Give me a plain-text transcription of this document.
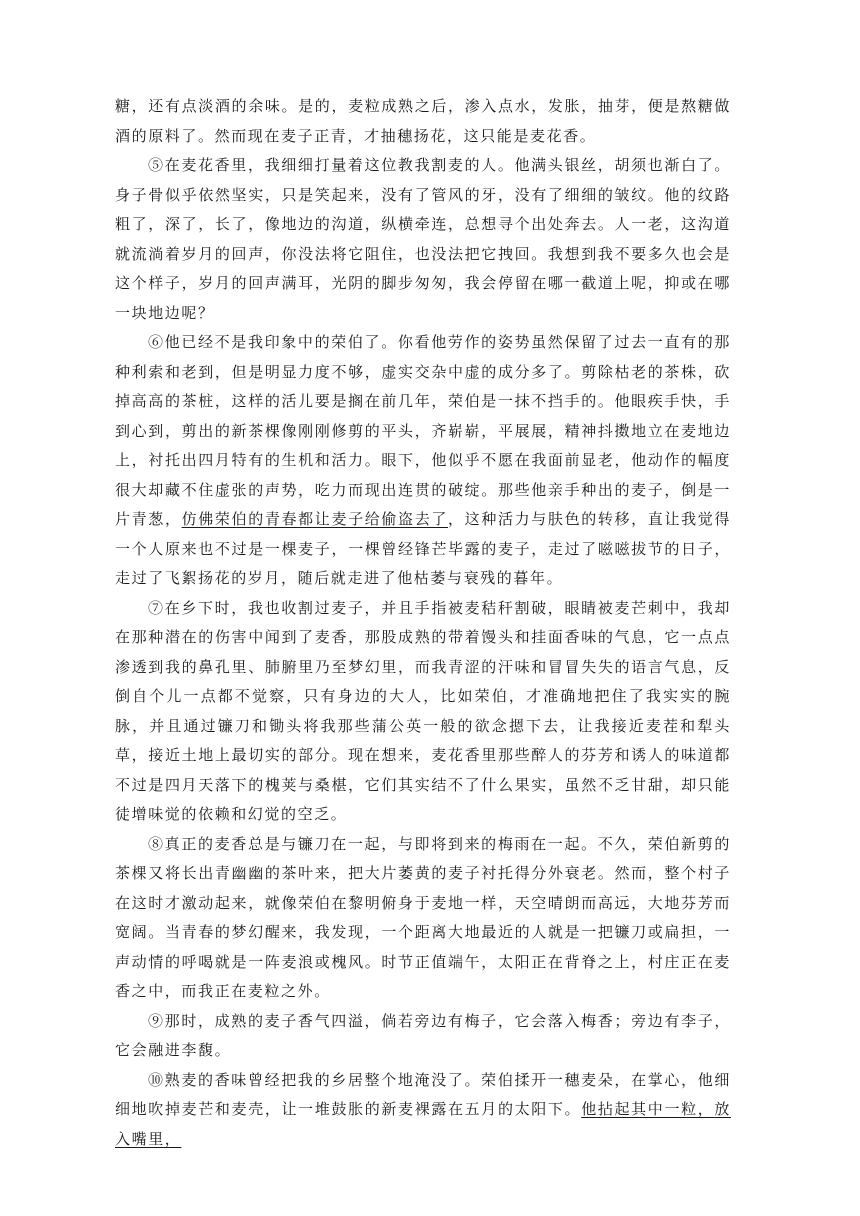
糖，还有点淡酒的余味。是的，麦粒成熟之后，渗入点水，发胀，抽芽，便是熬糖做酒的原料了。然而现在麦子正青，才抽穗扬花，这只能是麦花香。

⑤在麦花香里，我细细打量着这位教我割麦的人。他满头银丝，胡须也渐白了。身子骨似乎依然坚实，只是笑起来，没有了管风的牙，没有了细细的皱纹。他的纹路粗了，深了，长了，像地边的沟道，纵横牵连，总想寻个出处奔去。人一老，这沟道就流淌着岁月的回声，你没法将它阻住，也没法把它拽回。我想到我不要多久也会是这个样子，岁月的回声满耳，光阴的脚步匆匆，我会停留在哪一截道上呢，抑或在哪一块地边呢？

⑥他已经不是我印象中的荣伯了。你看他劳作的姿势虽然保留了过去一直有的那种利索和老到，但是明显力度不够，虚实交杂中虚的成分多了。剪除枯老的茶株，砍掉高高的茶桩，这样的活儿要是搁在前几年，荣伯是一抹不挡手的。他眼疾手快，手到心到，剪出的新茶棵像刚刚修剪的平头，齐崭崭，平展展，精神抖擞地立在麦地边上，衬托出四月特有的生机和活力。眼下，他似乎不愿在我面前显老，他动作的幅度很大却藏不住虚张的声势，吃力而现出连贯的破绽。那些他亲手种出的麦子，倒是一片青葱，仿佛荣伯的青春都让麦子给偷盗去了，这种活力与肤色的转移，直让我觉得一个人原来也不过是一棵麦子，一棵曾经锋芒毕露的麦子，走过了嗞嗞拔节的日子，走过了飞絮扬花的岁月，随后就走进了他枯萎与衰残的暮年。

⑦在乡下时，我也收割过麦子，并且手指被麦秸秆割破，眼睛被麦芒刺中，我却在那种潜在的伤害中闻到了麦香，那股成熟的带着馒头和挂面香味的气息，它一点点渗透到我的鼻孔里、肺腑里乃至梦幻里，而我青涩的汗味和冒冒失失的语言气息，反倒自个儿一点都不觉察，只有身边的大人，比如荣伯，才准确地把住了我实实的腕脉，并且通过镰刀和锄头将我那些蒲公英一般的欲念摁下去，让我接近麦茬和犁头草，接近土地上最切实的部分。现在想来，麦花香里那些醉人的芬芳和诱人的味道都不过是四月天落下的槐荚与桑椹，它们其实结不了什么果实，虽然不乏甘甜，却只能徒增味觉的依赖和幻觉的空乏。

⑧真正的麦香总是与镰刀在一起，与即将到来的梅雨在一起。不久，荣伯新剪的茶棵又将长出青幽幽的茶叶来，把大片萎黄的麦子衬托得分外衰老。然而，整个村子在这时才激动起来，就像荣伯在黎明俯身于麦地一样，天空晴朗而高远，大地芬芳而宽阔。当青春的梦幻醒来，我发现，一个距离大地最近的人就是一把镰刀或扁担，一声动情的呼喝就是一阵麦浪或槐风。时节正值端午，太阳正在背脊之上，村庄正在麦香之中，而我正在麦粒之外。

⑨那时，成熟的麦子香气四溢，倘若旁边有梅子，它会落入梅香；旁边有李子，它会融进李馥。

⑩熟麦的香味曾经把我的乡居整个地淹没了。荣伯揉开一穗麦朵，在掌心，他细细地吹掉麦芒和麦壳，让一堆鼓胀的新麦裸露在五月的太阳下。他拈起其中一粒，放入嘴里，
